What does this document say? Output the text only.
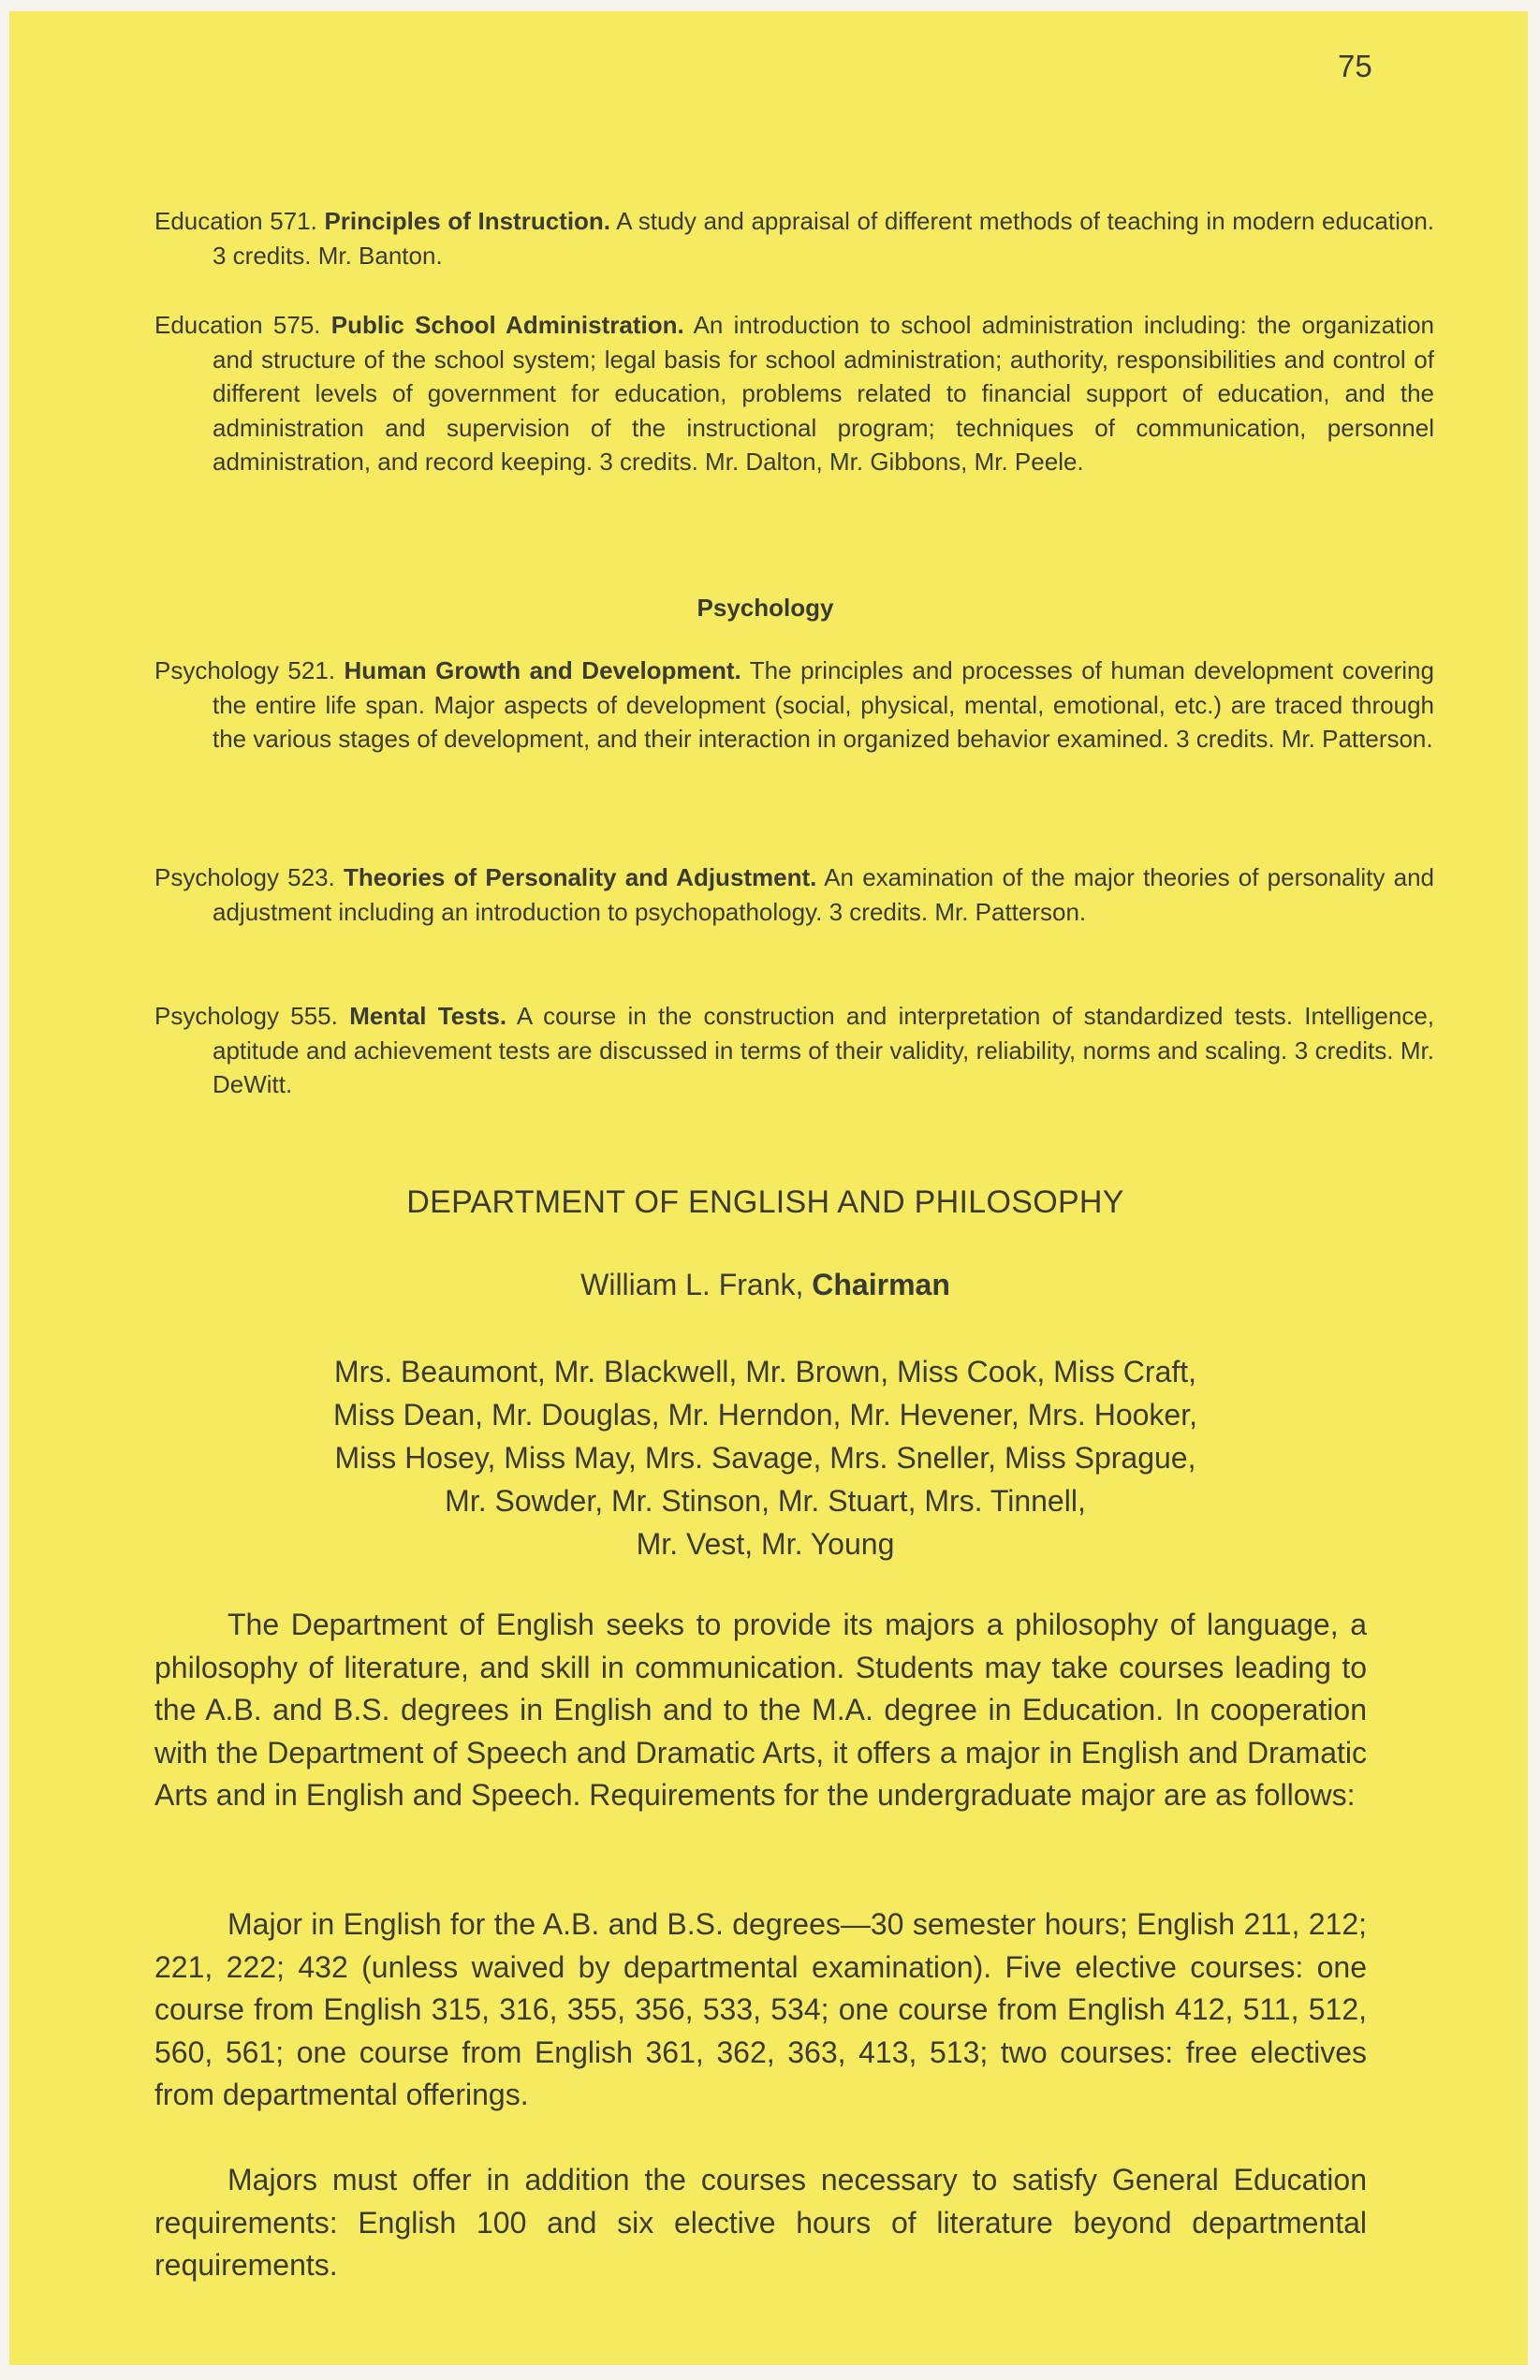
75
Education 571. Principles of Instruction. A study and appraisal of different methods of teaching in modern education. 3 credits. Mr. Banton.
Education 575. Public School Administration. An introduction to school administration including: the organization and structure of the school system; legal basis for school administration; authority, responsibilities and control of different levels of government for education, problems related to financial support of education, and the administration and supervision of the instructional program; techniques of communication, personnel administration, and record keeping. 3 credits. Mr. Dalton, Mr. Gibbons, Mr. Peele.
Psychology
Psychology 521. Human Growth and Development. The principles and processes of human development covering the entire life span. Major aspects of development (social, physical, mental, emotional, etc.) are traced through the various stages of development, and their interaction in organized behavior examined. 3 credits. Mr. Patterson.
Psychology 523. Theories of Personality and Adjustment. An examination of the major theories of personality and adjustment including an introduction to psychopathology. 3 credits. Mr. Patterson.
Psychology 555. Mental Tests. A course in the construction and interpretation of standardized tests. Intelligence, aptitude and achievement tests are discussed in terms of their validity, reliability, norms and scaling. 3 credits. Mr. DeWitt.
DEPARTMENT OF ENGLISH AND PHILOSOPHY
William L. Frank, Chairman
Mrs. Beaumont, Mr. Blackwell, Mr. Brown, Miss Cook, Miss Craft,
Miss Dean, Mr. Douglas, Mr. Herndon, Mr. Hevener, Mrs. Hooker,
Miss Hosey, Miss May, Mrs. Savage, Mrs. Sneller, Miss Sprague,
Mr. Sowder, Mr. Stinson, Mr. Stuart, Mrs. Tinnell,
Mr. Vest, Mr. Young
The Department of English seeks to provide its majors a philosophy of language, a philosophy of literature, and skill in communication. Students may take courses leading to the A.B. and B.S. degrees in English and to the M.A. degree in Education. In cooperation with the Department of Speech and Dramatic Arts, it offers a major in English and Dramatic Arts and in English and Speech. Requirements for the undergraduate major are as follows:
Major in English for the A.B. and B.S. degrees—30 semester hours; English 211, 212; 221, 222; 432 (unless waived by departmental examination). Five elective courses: one course from English 315, 316, 355, 356, 533, 534; one course from English 412, 511, 512, 560, 561; one course from English 361, 362, 363, 413, 513; two courses: free electives from departmental offerings.
Majors must offer in addition the courses necessary to satisfy General Education requirements: English 100 and six elective hours of literature beyond departmental requirements.
